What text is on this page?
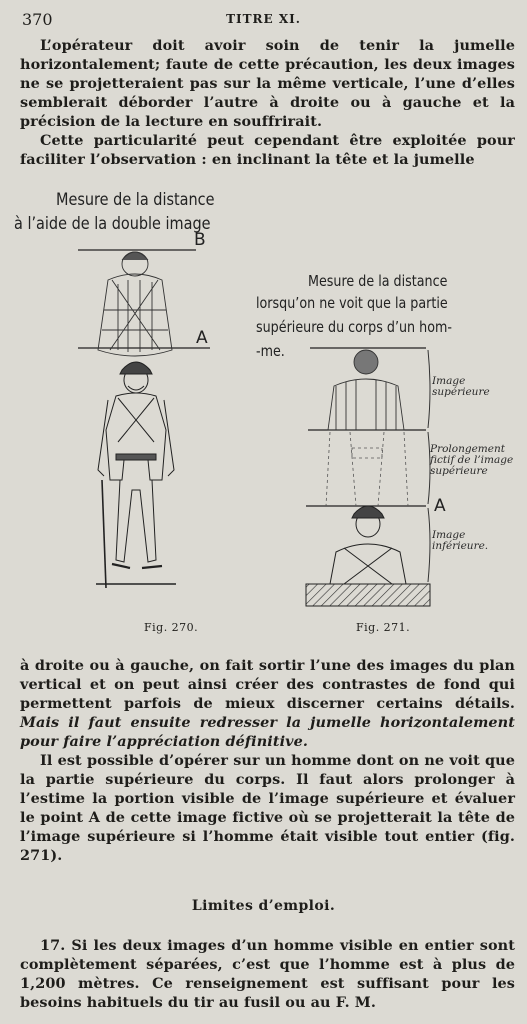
370	TITRE XI.

L’opérateur doit avoir soin de tenir la jumelle horizontalement; faute de cette précaution, les deux images ne se projetteraient pas sur la même verticale, l’une d’elles semblerait déborder l’autre à droite ou à gauche et la précision de la lecture en souffrirait.

Cette particularité peut cependant être exploitée pour faciliter l’observation : en inclinant la tête et la jumelle

Mesure de la distance
à l’aide de la double image
B
A
Mesure de la distance
lorsqu’on ne voit que la partie
supérieure du corps d’un hom-
-me.
Image
supérieure
Prolongement
fictif de l’image
supérieure
A
Image
inférieure.
Fig. 270.	Fig. 271.

à droite ou à gauche, on fait sortir l’une des images du plan vertical et on peut ainsi créer des contrastes de fond qui permettent parfois de mieux discerner certains détails. Mais il faut ensuite redresser la jumelle horizontalement pour faire l’appréciation définitive.

Il est possible d’opérer sur un homme dont on ne voit que la partie supérieure du corps. Il faut alors prolonger à l’estime la portion visible de l’image supérieure et évaluer le point A de cette image fictive où se projetterait la tête de l’image supérieure si l’homme était visible tout entier (fig. 271).

Limites d’emploi.

17. Si les deux images d’un homme visible en entier sont complètement séparées, c’est que l’homme est à plus de 1,200 mètres. Ce renseignement est suffisant pour les besoins habituels du tir au fusil ou au F. M.
